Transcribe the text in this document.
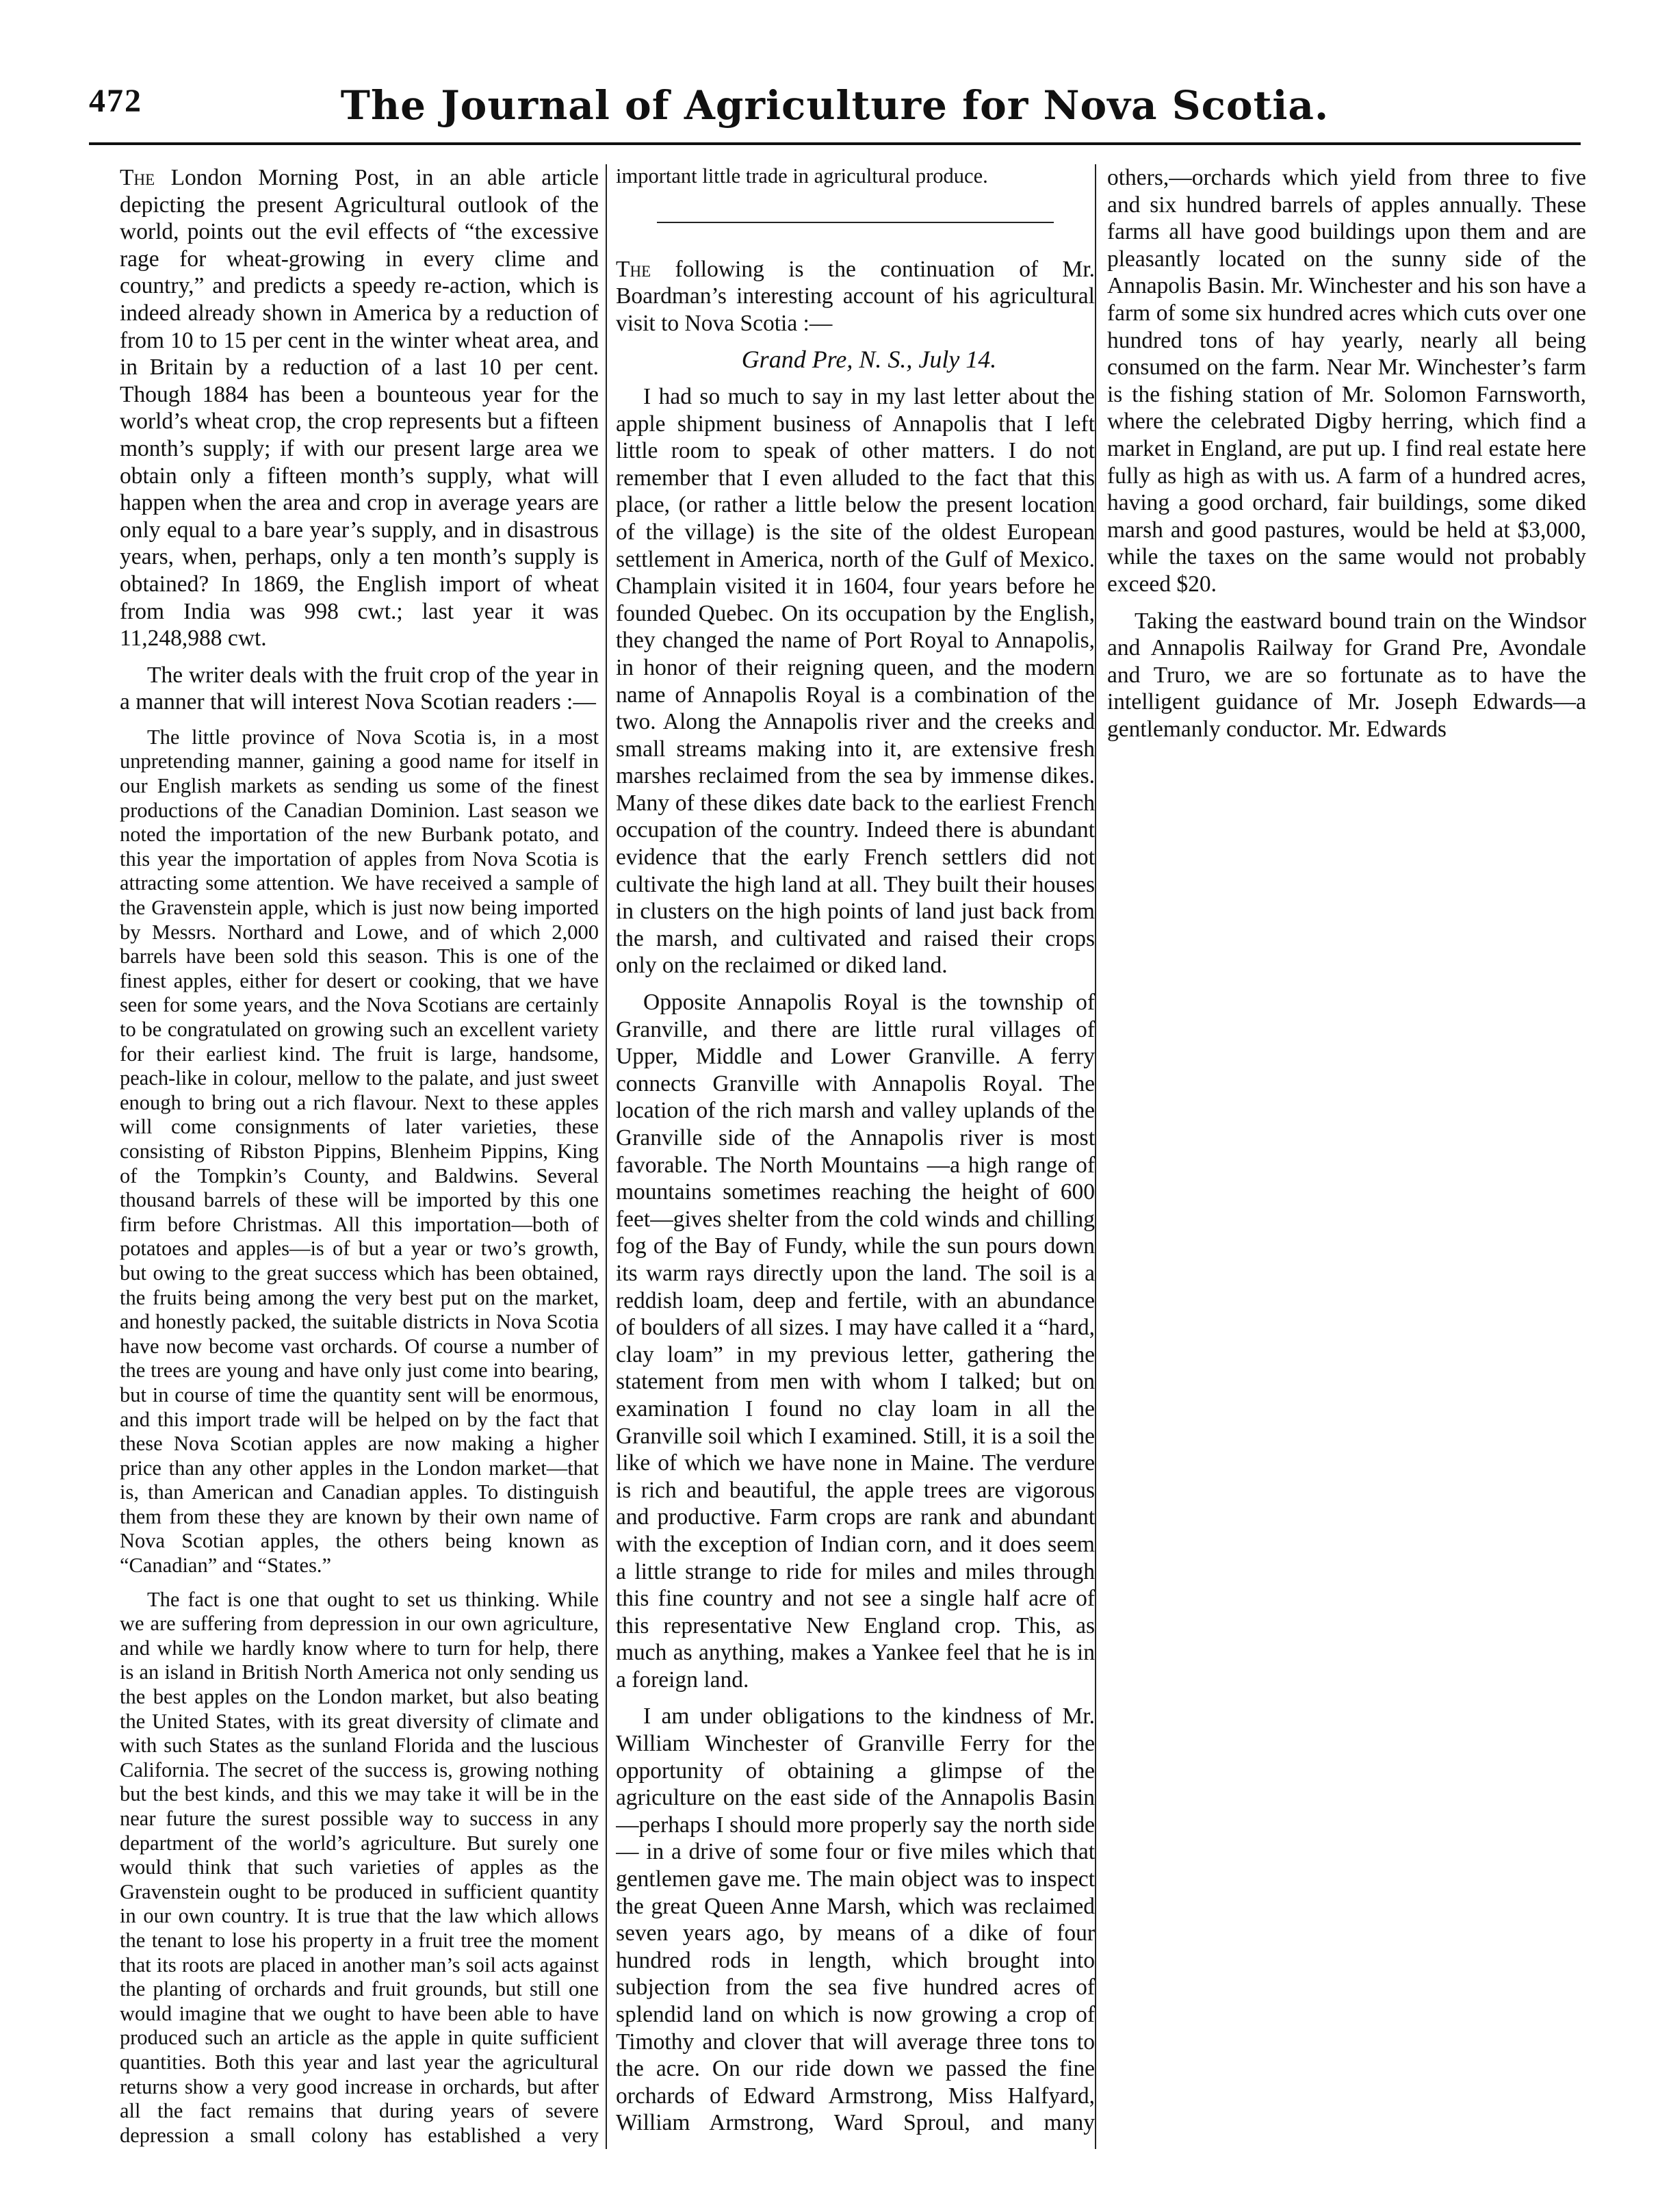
472	The Journal of Agriculture for Nova Scotia.

The London Morning Post, in an able article depicting the present Agricultural outlook of the world, points out the evil effects of “the excessive rage for wheat-growing in every clime and country,” and predicts a speedy re-action, which is indeed already shown in America by a reduction of from 10 to 15 per cent in the winter wheat area, and in Britain by a reduction of a last 10 per cent. Though 1884 has been a bounteous year for the world’s wheat crop, the crop represents but a fifteen month’s supply; if with our present large area we obtain only a fifteen month’s supply, what will happen when the area and crop in average years are only equal to a bare year’s supply, and in disastrous years, when, perhaps, only a ten month’s supply is obtained? In 1869, the English import of wheat from India was 998 cwt.; last year it was 11,248,988 cwt.

The writer deals with the fruit crop of the year in a manner that will interest Nova Scotian readers :—

The little province of Nova Scotia is, in a most unpretending manner, gaining a good name for itself in our English markets as sending us some of the finest productions of the Canadian Dominion. Last season we noted the importation of the new Burbank potato, and this year the importation of apples from Nova Scotia is attracting some attention. We have received a sample of the Gravenstein apple, which is just now being imported by Messrs. Northard and Lowe, and of which 2,000 barrels have been sold this season. This is one of the finest apples, either for desert or cooking, that we have seen for some years, and the Nova Scotians are certainly to be congratulated on growing such an excellent variety for their earliest kind. The fruit is large, handsome, peach-like in colour, mellow to the palate, and just sweet enough to bring out a rich flavour. Next to these apples will come consignments of later varieties, these consisting of Ribston Pippins, Blenheim Pippins, King of the Tompkin’s County, and Baldwins. Several thousand barrels of these will be imported by this one firm before Christmas. All this importation—both of potatoes and apples—is of but a year or two’s growth, but owing to the great success which has been obtained, the fruits being among the very best put on the market, and honestly packed, the suitable districts in Nova Scotia have now become vast orchards. Of course a number of the trees are young and have only just come into bearing, but in course of time the quantity sent will be enormous, and this import trade will be helped on by the fact that these Nova Scotian apples are now making a higher price than any other apples in the London market—that is, than American and Canadian apples. To distinguish them from these they are known by their own name of Nova Scotian apples, the others being known as “Canadian” and “States.”

The fact is one that ought to set us thinking. While we are suffering from depression in our own agriculture, and while we hardly know where to turn for help, there is an island in British North America not only sending us the best apples on the London market, but also beating the United States, with its great diversity of climate and with such States as the sunland Florida and the luscious California. The secret of the success is, growing nothing but the best kinds, and this we may take it will be in the near future the surest possible way to success in any department of the world’s agriculture. But surely one would think that such varieties of apples as the Gravenstein ought to be produced in sufficient quantity in our own country. It is true that the law which allows the tenant to lose his property in a fruit tree the moment that its roots are placed in another man’s soil acts against the planting of orchards and fruit grounds, but still one would imagine that we ought to have been able to have produced such an article as the apple in quite sufficient quantities. Both this year and last year the agricultural returns show a very good increase in orchards, but after all the fact remains that during years of severe depression a small colony has established a very

important little trade in agricultural produce.

The following is the continuation of Mr. Boardman’s interesting account of his agricultural visit to Nova Scotia :—

Grand Pre, N. S., July 14.

I had so much to say in my last letter about the apple shipment business of Annapolis that I left little room to speak of other matters. I do not remember that I even alluded to the fact that this place, (or rather a little below the present location of the village) is the site of the oldest European settlement in America, north of the Gulf of Mexico. Champlain visited it in 1604, four years before he founded Quebec. On its occupation by the English, they changed the name of Port Royal to Annapolis, in honor of their reigning queen, and the modern name of Annapolis Royal is a combination of the two. Along the Annapolis river and the creeks and small streams making into it, are extensive fresh marshes reclaimed from the sea by immense dikes. Many of these dikes date back to the earliest French occupation of the country. Indeed there is abundant evidence that the early French settlers did not cultivate the high land at all. They built their houses in clusters on the high points of land just back from the marsh, and cultivated and raised their crops only on the reclaimed or diked land.

Opposite Annapolis Royal is the township of Granville, and there are little rural villages of Upper, Middle and Lower Granville. A ferry connects Granville with Annapolis Royal. The location of the rich marsh and valley uplands of the Granville side of the Annapolis river is most favorable. The North Mountains —a high range of mountains sometimes reaching the height of 600 feet—gives shelter from the cold winds and chilling fog of the Bay of Fundy, while the sun pours down its warm rays directly upon the land. The soil is a reddish loam, deep and fertile, with an abundance of boulders of all sizes. I may have called it a “hard, clay loam” in my previous letter, gathering the statement from men with whom I talked; but on examination I found no clay loam in all the Granville soil which I examined. Still, it is a soil the like of which we have none in Maine. The verdure is rich and beautiful, the apple trees are vigorous and productive. Farm crops are rank and abundant with the exception of Indian corn, and it does seem a little strange to ride for miles and miles through this fine country and not see a single half acre of this representative New England crop. This, as much as anything, makes a Yankee feel that he is in a foreign land.

I am under obligations to the kindness of Mr. William Winchester of Granville Ferry for the opportunity of obtaining a glimpse of the agriculture on the east side of the Annapolis Basin—perhaps I should more properly say the north side — in a drive of some four or five miles which that gentlemen gave me. The main object was to inspect the great Queen Anne Marsh, which was reclaimed seven years ago, by means of a dike of four hundred rods in length, which brought into subjection from the sea five hundred acres of splendid land on which is now growing a crop of Timothy and clover that will average three tons to the acre. On our ride down we passed the fine orchards of Edward Armstrong, Miss Halfyard, William Armstrong, Ward Sproul, and many

others,—orchards which yield from three to five and six hundred barrels of apples annually. These farms all have good buildings upon them and are pleasantly located on the sunny side of the Annapolis Basin. Mr. Winchester and his son have a farm of some six hundred acres which cuts over one hundred tons of hay yearly, nearly all being consumed on the farm. Near Mr. Winchester’s farm is the fishing station of Mr. Solomon Farnsworth, where the celebrated Digby herring, which find a market in England, are put up. I find real estate here fully as high as with us. A farm of a hundred acres, having a good orchard, fair buildings, some diked marsh and good pastures, would be held at $3,000, while the taxes on the same would not probably exceed $20.

Taking the eastward bound train on the Windsor and Annapolis Railway for Grand Pre, Avondale and Truro, we are so fortunate as to have the intelligent guidance of Mr. Joseph Edwards—a gentlemanly conductor. Mr. Edwards
